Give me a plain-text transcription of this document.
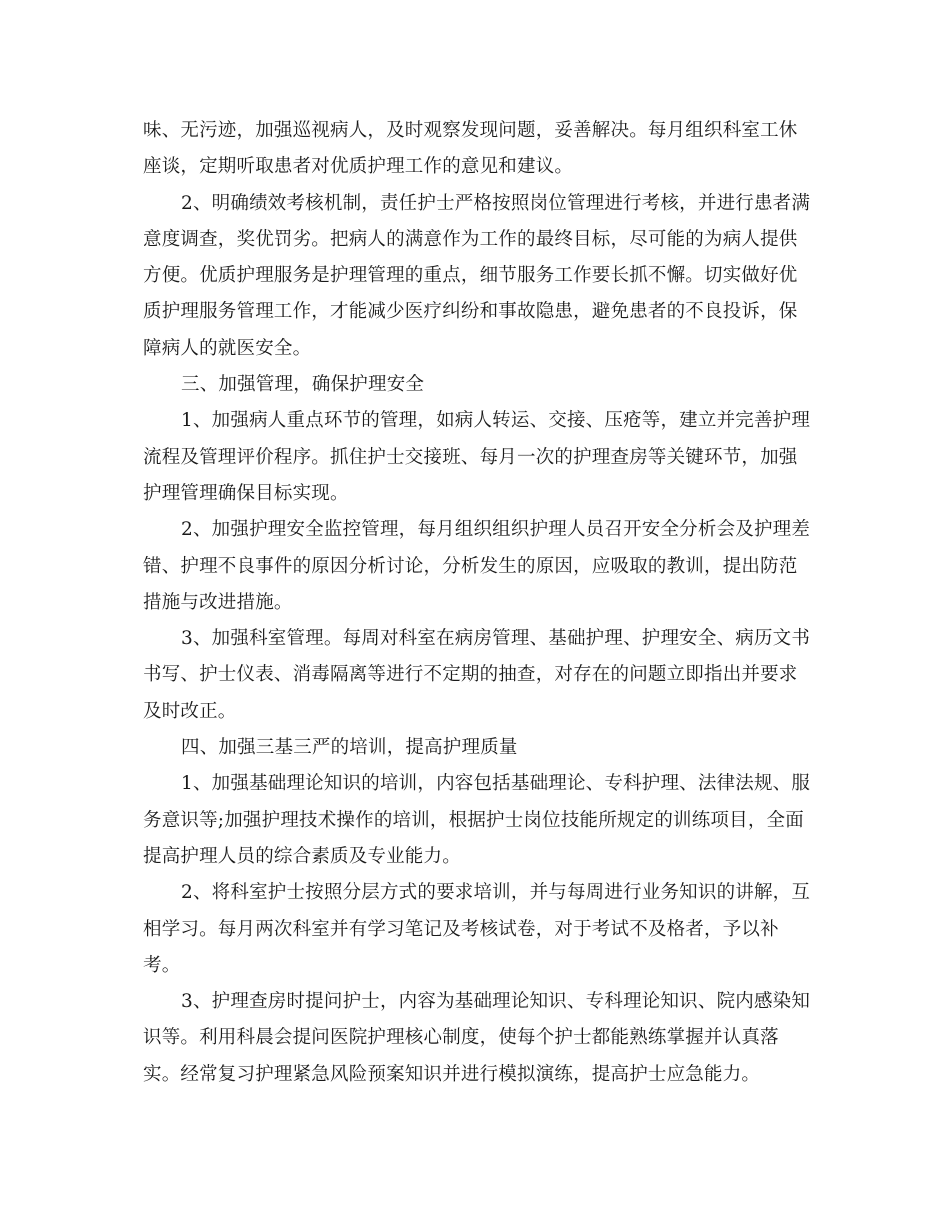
味、无污迹，加强巡视病人，及时观察发现问题，妥善解决。每月组织科室工休
座谈，定期听取患者对优质护理工作的意见和建议。
2、明确绩效考核机制，责任护士严格按照岗位管理进行考核，并进行患者满
意度调查，奖优罚劣。把病人的满意作为工作的最终目标，尽可能的为病人提供
方便。优质护理服务是护理管理的重点，细节服务工作要长抓不懈。切实做好优
质护理服务管理工作，才能减少医疗纠纷和事故隐患，避免患者的不良投诉，保
障病人的就医安全。
三、加强管理，确保护理安全
1、加强病人重点环节的管理，如病人转运、交接、压疮等，建立并完善护理
流程及管理评价程序。抓住护士交接班、每月一次的护理查房等关键环节，加强
护理管理确保目标实现。
2、加强护理安全监控管理，每月组织组织护理人员召开安全分析会及护理差
错、护理不良事件的原因分析讨论，分析发生的原因，应吸取的教训，提出防范
措施与改进措施。
3、加强科室管理。每周对科室在病房管理、基础护理、护理安全、病历文书
书写、护士仪表、消毒隔离等进行不定期的抽查，对存在的问题立即指出并要求
及时改正。
四、加强三基三严的培训，提高护理质量
1、加强基础理论知识的培训，内容包括基础理论、专科护理、法律法规、服
务意识等;加强护理技术操作的培训，根据护士岗位技能所规定的训练项目，全面
提高护理人员的综合素质及专业能力。
2、将科室护士按照分层方式的要求培训，并与每周进行业务知识的讲解，互
相学习。每月两次科室并有学习笔记及考核试卷，对于考试不及格者，予以补
考。
3、护理查房时提问护士，内容为基础理论知识、专科理论知识、院内感染知
识等。利用科晨会提问医院护理核心制度，使每个护士都能熟练掌握并认真落
实。经常复习护理紧急风险预案知识并进行模拟演练，提高护士应急能力。
